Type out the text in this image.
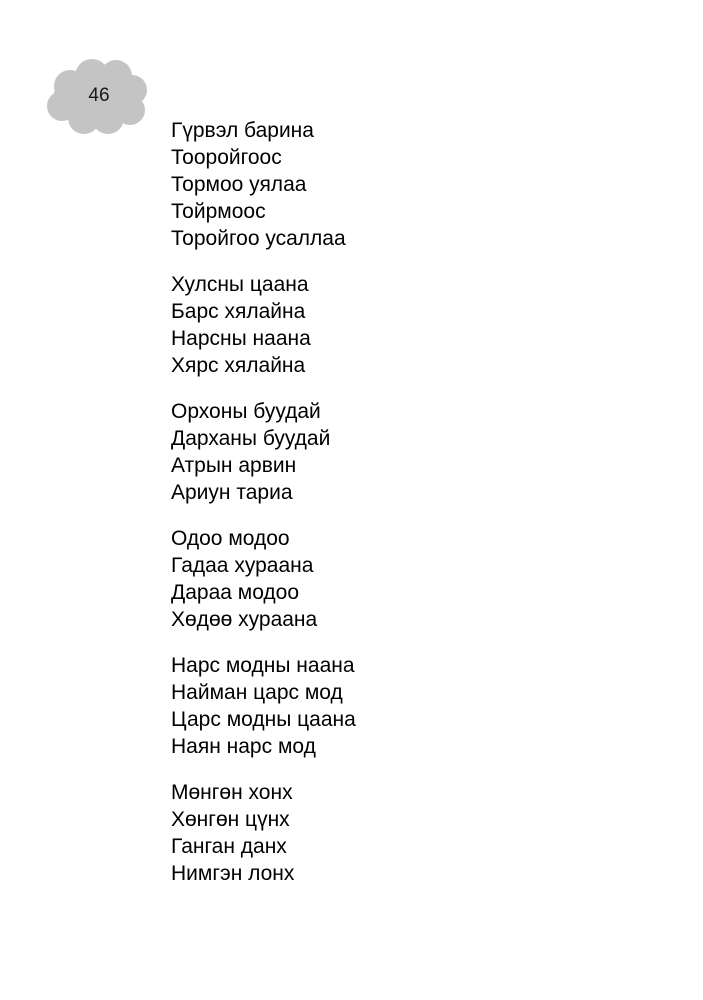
46
Гүрвэл барина
Тооройгоос
Тормоо уялаа
Тойрмоос
Торойгоо усаллаа
Хулсны цаана
Барс хялайна
Нарсны наана
Хярс хялайна
Орхоны буудай
Дарханы буудай
Атрын арвин
Ариун тариа
Одоо модоо
Гадаа хураана
Дараа модоо
Хөдөө хураана
Нарс модны наана
Найман царс мод
Царс модны цаана
Наян нарс мод
Мөнгөн хонх
Хөнгөн цүнх
Ганган данх
Нимгэн лонх
